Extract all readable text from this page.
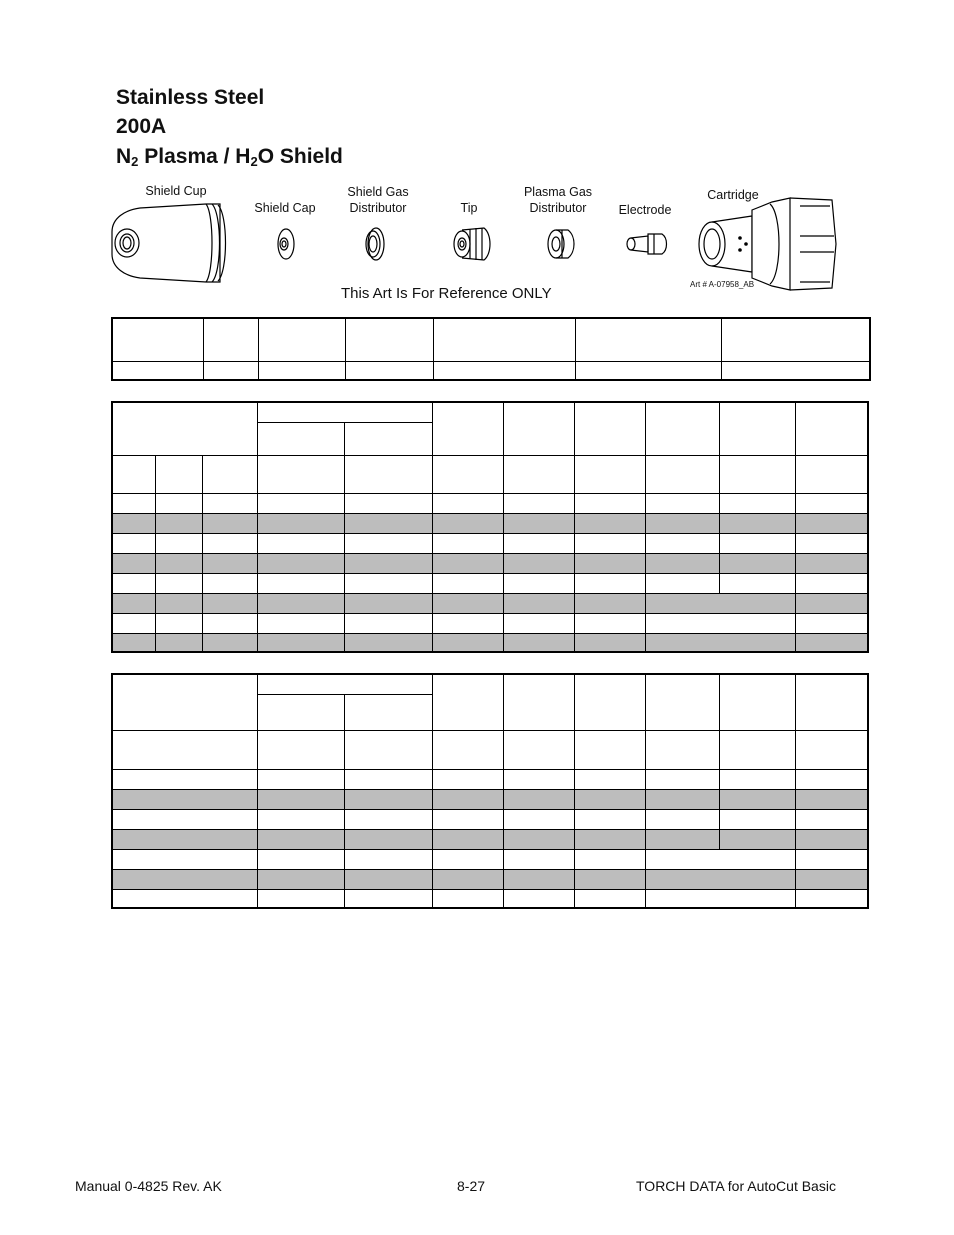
Stainless Steel
200A
$N_2$ Plasma / $H_2O$ Shield
Shield Cup
Shield Cap
Shield Gas
Distributor	Tip
Plasma Gas
Distributor	Electrode
Cartridge
This Art Is For Reference ONLY
Art # A-07958_AB

Manual 0-4825 Rev. AK	8-27	TORCH DATA for AutoCut Basic
